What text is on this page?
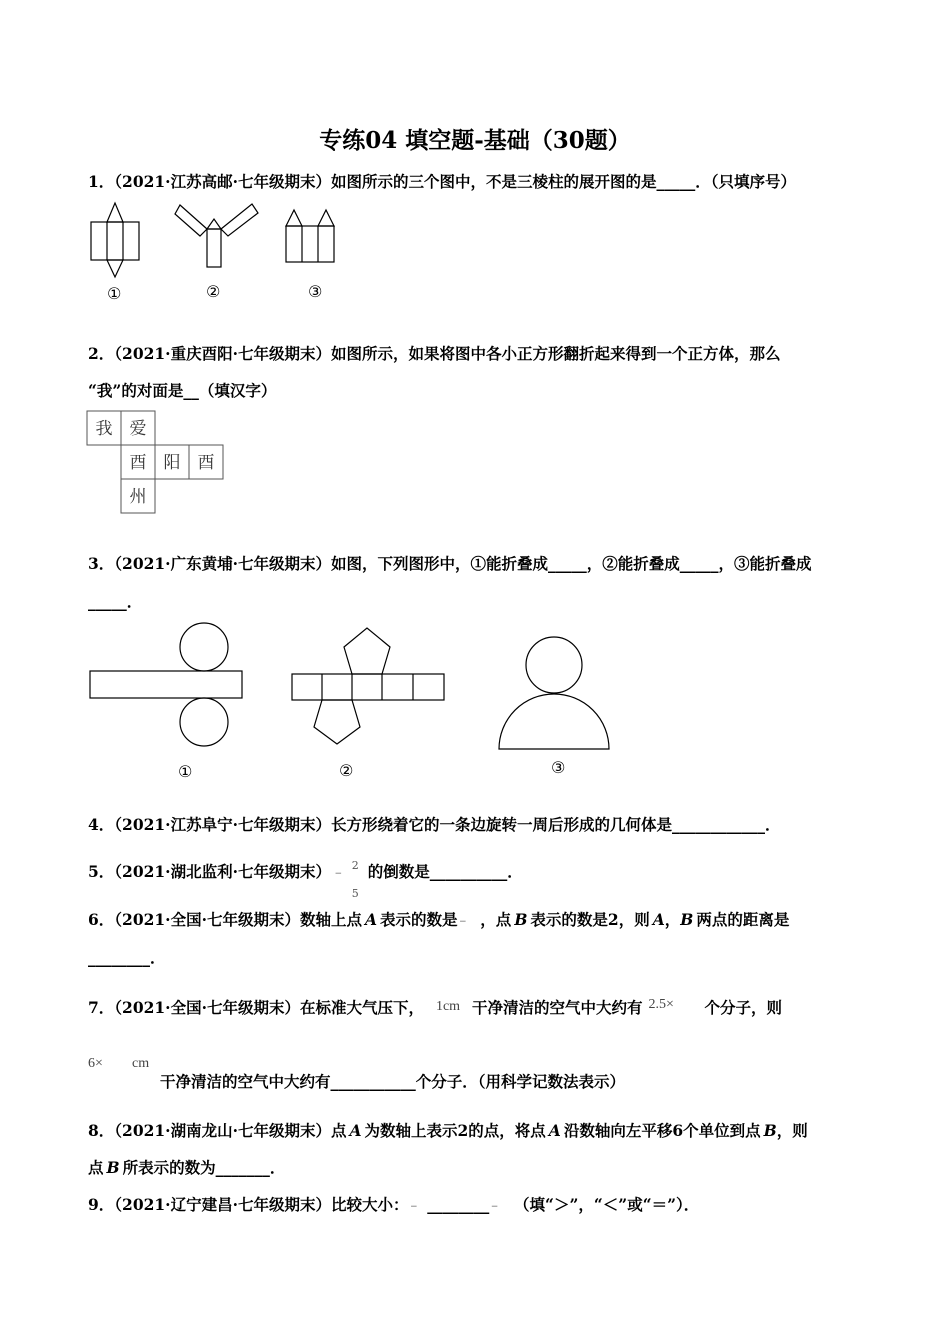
专练04 填空题-基础（30题）
1．（2021·江苏高邮·七年级期末）如图所示的三个图中，不是三棱柱的展开图的是_____．（只填序号）
①	②	③
2．（2021·重庆酉阳·七年级期末）如图所示，如果将图中各小正方形翻折起来得到一个正方体，那么
“我”的对面是__（填汉字）
我 爱
酉 阳 酉
州
3．（2021·广东黄埔·七年级期末）如图，下列图形中，①能折叠成_____，②能折叠成_____，③能折叠成
_____．
①	②	③
4．（2021·江苏阜宁·七年级期末）长方形绕着它的一条边旋转一周后形成的几何体是____________．
5．（2021·湖北监利·七年级期末） −
2
5
的倒数是__________．
6．（2021·全国·七年级期末）数轴上点 A 表示的数是 − ，点 B 表示的数是2，则 A，B 两点的距离是
________．
7．（2021·全国·七年级期末）在标准大气压下， 1cm 干净清洁的空气中大约有 2.5× 个分子，则
6× cm
干净清洁的空气中大约有___________个分子．（用科学记数法表示）
8．（2021·湖南龙山·七年级期末）点 A 为数轴上表示2的点，将点 A 沿数轴向左平移6个单位到点 B，则
点 B 所表示的数为_______．
9．（2021·辽宁建昌·七年级期末）比较大小： − ________ − （填“＞”，“＜”或“＝”）．
